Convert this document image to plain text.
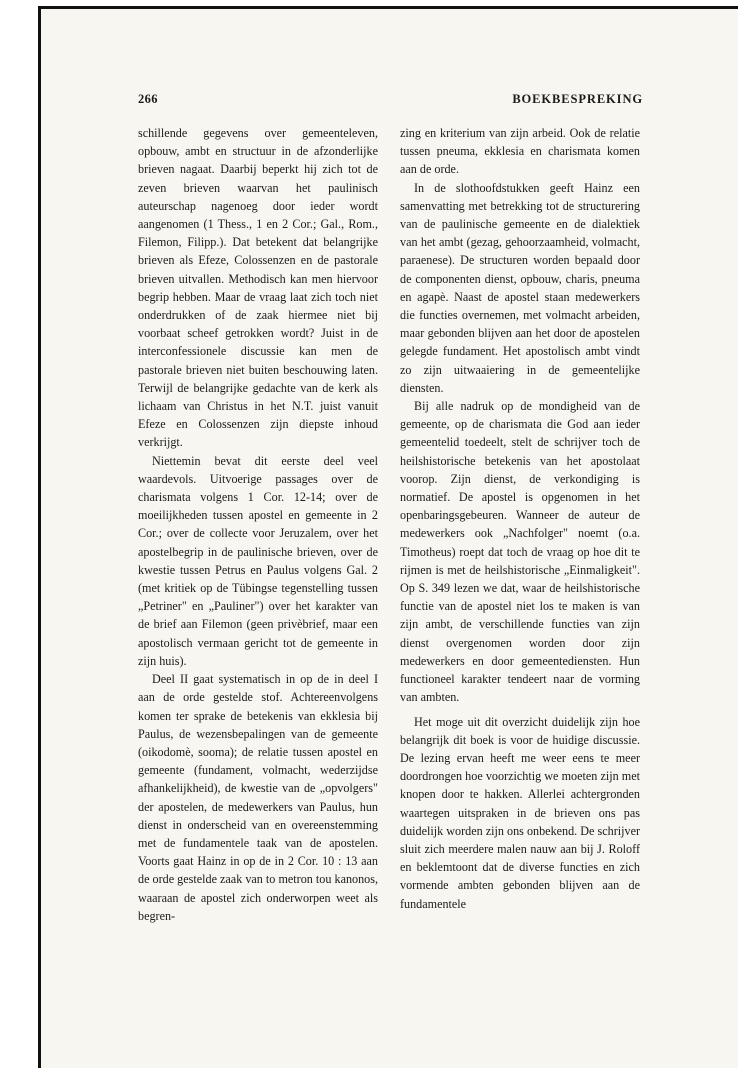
266	BOEKBESPREKING

schillende gegevens over gemeenteleven, opbouw, ambt en structuur in de afzonderlijke brieven nagaat. Daarbij beperkt hij zich tot de zeven brieven waarvan het paulinisch auteurschap nagenoeg door ieder wordt aangenomen (1 Thess., 1 en 2 Cor.; Gal., Rom., Filemon, Filipp.). Dat betekent dat belangrijke brieven als Efeze, Colossenzen en de pastorale brieven uitvallen. Methodisch kan men hiervoor begrip hebben. Maar de vraag laat zich toch niet onderdrukken of de zaak hiermee niet bij voorbaat scheef getrokken wordt? Juist in de interconfessionele discussie kan men de pastorale brieven niet buiten beschouwing laten. Terwijl de belangrijke gedachte van de kerk als lichaam van Christus in het N.T. juist vanuit Efeze en Colossenzen zijn diepste inhoud verkrijgt.

Niettemin bevat dit eerste deel veel waardevols. Uitvoerige passages over de charismata volgens 1 Cor. 12-14; over de moeilijkheden tussen apostel en gemeente in 2 Cor.; over de collecte voor Jeruzalem, over het apostelbegrip in de paulinische brieven, over de kwestie tussen Petrus en Paulus volgens Gal. 2 (met kritiek op de Tübingse tegenstelling tussen „Petriner" en „Pauliner") over het karakter van de brief aan Filemon (geen privèbrief, maar een apostolisch vermaan gericht tot de gemeente in zijn huis).

Deel II gaat systematisch in op de in deel I aan de orde gestelde stof. Achtereenvolgens komen ter sprake de betekenis van ekklesia bij Paulus, de wezensbepalingen van de gemeente (oikodomè, sooma); de relatie tussen apostel en gemeente (fundament, volmacht, wederzijdse afhankelijkheid), de kwestie van de „opvolgers" der apostelen, de medewerkers van Paulus, hun dienst in onderscheid van en overeenstemming met de fundamentele taak van de apostelen. Voorts gaat Hainz in op de in 2 Cor. 10 : 13 aan de orde gestelde zaak van to metron tou kanonos, waaraan de apostel zich onderworpen weet als begren-

zing en kriterium van zijn arbeid. Ook de relatie tussen pneuma, ekklesia en charismata komen aan de orde.

In de slothoofdstukken geeft Hainz een samenvatting met betrekking tot de structurering van de paulinische gemeente en de dialektiek van het ambt (gezag, gehoorzaamheid, volmacht, paraenese). De structuren worden bepaald door de componenten dienst, opbouw, charis, pneuma en agapè. Naast de apostel staan medewerkers die functies overnemen, met volmacht arbeiden, maar gebonden blijven aan het door de apostelen gelegde fundament. Het apostolisch ambt vindt zo zijn uitwaaiering in de gemeentelijke diensten.

Bij alle nadruk op de mondigheid van de gemeente, op de charismata die God aan ieder gemeentelid toedeelt, stelt de schrijver toch de heilshistorische betekenis van het apostolaat voorop. Zijn dienst, de verkondiging is normatief. De apostel is opgenomen in het openbaringsgebeuren. Wanneer de auteur de medewerkers ook „Nachfolger" noemt (o.a. Timotheus) roept dat toch de vraag op hoe dit te rijmen is met de heilshistorische „Einmaligkeit". Op S. 349 lezen we dat, waar de heilshistorische functie van de apostel niet los te maken is van zijn ambt, de verschillende functies van zijn dienst overgenomen worden door zijn medewerkers en door gemeentediensten. Hun functioneel karakter tendeert naar de vorming van ambten.

Het moge uit dit overzicht duidelijk zijn hoe belangrijk dit boek is voor de huidige discussie. De lezing ervan heeft me weer eens te meer doordrongen hoe voorzichtig we moeten zijn met knopen door te hakken. Allerlei achtergronden waartegen uitspraken in de brieven ons pas duidelijk worden zijn ons onbekend. De schrijver sluit zich meerdere malen nauw aan bij J. Roloff en beklemtoont dat de diverse functies en zich vormende ambten gebonden blijven aan de fundamentele
